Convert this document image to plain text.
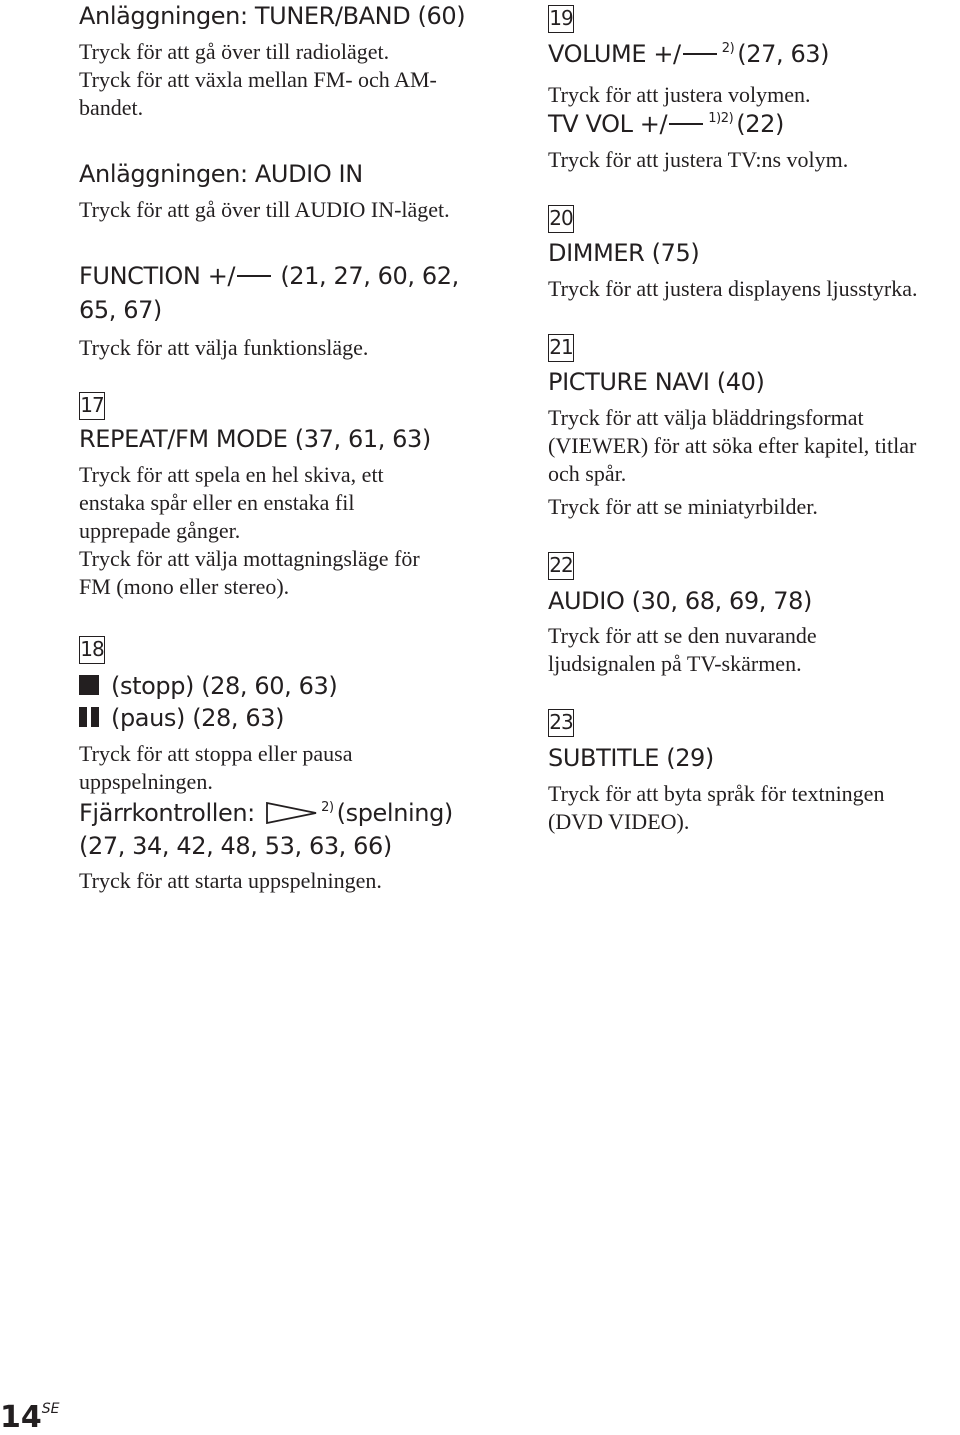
Anläggningen: TUNER/BAND (60)
Tryck för att gå över till radioläget.
Tryck för att växla mellan FM- och AM-
bandet.
Anläggningen: AUDIO IN
Tryck för att gå över till AUDIO IN-läget.
FUNCTION +/ (21, 27, 60, 62,
65, 67)
Tryck för att välja funktionsläge.
17
REPEAT/FM MODE (37, 61, 63)
Tryck för att spela en hel skiva, ett
enstaka spår eller en enstaka fil
upprepade gånger.
Tryck för att välja mottagningsläge för
FM (mono eller stereo).
18
(stopp) (28, 60, 63)
(paus) (28, 63)
Tryck för att stoppa eller pausa
uppspelningen.
Fjärrkontrollen:	$^{2)}$ (spelning)
(27, 34, 42, 48, 53, 63, 66)
Tryck för att starta uppspelningen.
19
VOLUME +/	$^{2)}$ (27, 63)
Tryck för att justera volymen.
TV VOL +/	$^{1)2)}$ (22)
Tryck för att justera TV:ns volym.
20
DIMMER (75)
Tryck för att justera displayens ljusstyrka.
21
PICTURE NAVI (40)
Tryck för att välja bläddringsformat
(VIEWER) för att söka efter kapitel, titlar
och spår.
Tryck för att se miniatyrbilder.
22
AUDIO (30, 68, 69, 78)
Tryck för att se den nuvarande
ljudsignalen på TV-skärmen.
23
SUBTITLE (29)
Tryck för att byta språk för textningen
(DVD VIDEO).
$14^{SE}$
